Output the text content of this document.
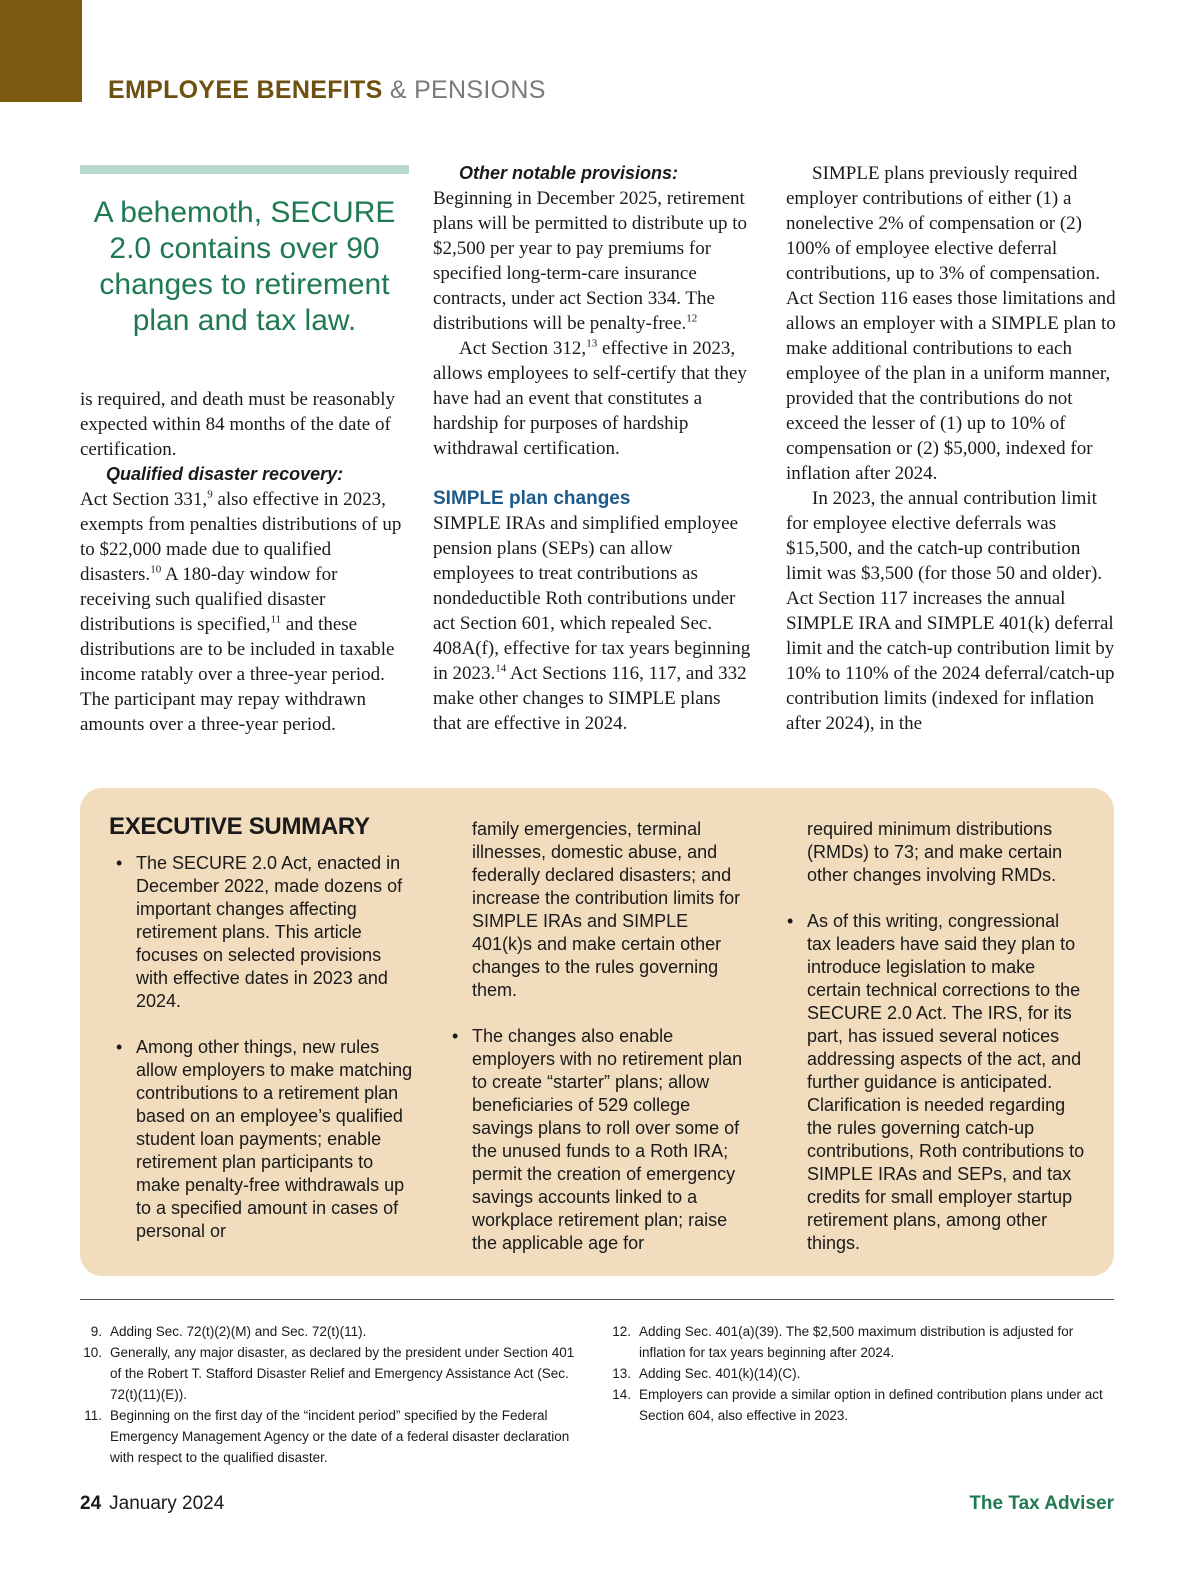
EMPLOYEE BENEFITS & PENSIONS
A behemoth, SECURE 2.0 contains over 90 changes to retirement plan and tax law.

is required, and death must be reasonably expected within 84 months of the date of certification.

Qualified disaster recovery:

Act Section 331,$^9$ also effective in 2023, exempts from penalties distributions of up to $22,000 made due to qualified disasters.$^{10}$ A 180-day window for receiving such qualified disaster distributions is specified,$^{11}$ and these distributions are to be included in taxable income ratably over a three-year period. The participant may repay withdrawn amounts over a three-year period.

Other notable provisions: Beginning in December 2025, retirement plans will be permitted to distribute up to $2,500 per year to pay premiums for specified long-term-care insurance contracts, under act Section 334. The distributions will be penalty-free.$^{12}$

Act Section 312,13 effective in 2023, allows employees to self-certify that they have had an event that constitutes a hardship for purposes of hardship withdrawal certification.

SIMPLE plan changes

SIMPLE IRAs and simplified employee pension plans (SEPs) can allow employees to treat contributions as nondeductible Roth contributions under act Section 601, which repealed Sec. 408A(f), effective for tax years beginning in 2023.14 Act Sections 116, 117, and 332 make other changes to SIMPLE plans that are effective in 2024.

SIMPLE plans previously required employer contributions of either (1) a nonelective 2% of compensation or (2) 100% of employee elective deferral contributions, up to 3% of compensation. Act Section 116 eases those limitations and allows an employer with a SIMPLE plan to make additional contributions to each employee of the plan in a uniform manner, provided that the contributions do not exceed the lesser of (1) up to 10% of compensation or (2) $5,000, indexed for inflation after 2024.

In 2023, the annual contribution limit for employee elective deferrals was $15,500, and the catch-up contribution limit was $3,500 (for those 50 and older). Act Section 117 increases the annual SIMPLE IRA and SIMPLE 401(k) deferral limit and the catch-up contribution limit by 10% to 110% of the 2024 deferral/catch-up contribution limits (indexed for inflation after 2024), in the

EXECUTIVE SUMMARY
• The SECURE 2.0 Act, enacted in December 2022, made dozens of important changes affecting retirement plans. This article focuses on selected provisions with effective dates in 2023 and 2024.
• Among other things, new rules allow employers to make matching contributions to a retirement plan based on an employee’s qualified student loan payments; enable retirement plan participants to make penalty-free withdrawals up to a specified amount in cases of personal or
family emergencies, terminal illnesses, domestic abuse, and federally declared disasters; and increase the contribution limits for SIMPLE IRAs and SIMPLE 401(k)s and make certain other changes to the rules governing them.
• The changes also enable employers with no retirement plan to create “starter” plans; allow beneficiaries of 529 college savings plans to roll over some of the unused funds to a Roth IRA; permit the creation of emergency savings accounts linked to a workplace retirement plan; raise the applicable age for
required minimum distributions (RMDs) to 73; and make certain other changes involving RMDs.
• As of this writing, congressional tax leaders have said they plan to introduce legislation to make certain technical corrections to the SECURE 2.0 Act. The IRS, for its part, has issued several notices addressing aspects of the act, and further guidance is anticipated. Clarification is needed regarding the rules governing catch-up contributions, Roth contributions to SIMPLE IRAs and SEPs, and tax credits for small employer startup retirement plans, among other things.
9. Adding Sec. 72(t)(2)(M) and Sec. 72(t)(11).
10. Generally, any major disaster, as declared by the president under Section 401 of the Robert T. Stafford Disaster Relief and Emergency Assistance Act (Sec. 72(t)(11)(E)).
11. Beginning on the first day of the “incident period” specified by the Federal Emergency Management Agency or the date of a federal disaster declaration with respect to the qualified disaster.
12. Adding Sec. 401(a)(39). The $2,500 maximum distribution is adjusted for inflation for tax years beginning after 2024.
13. Adding Sec. 401(k)(14)(C).
14. Employers can provide a similar option in defined contribution plans under act Section 604, also effective in 2023.
24 January 2024	The Tax Adviser
